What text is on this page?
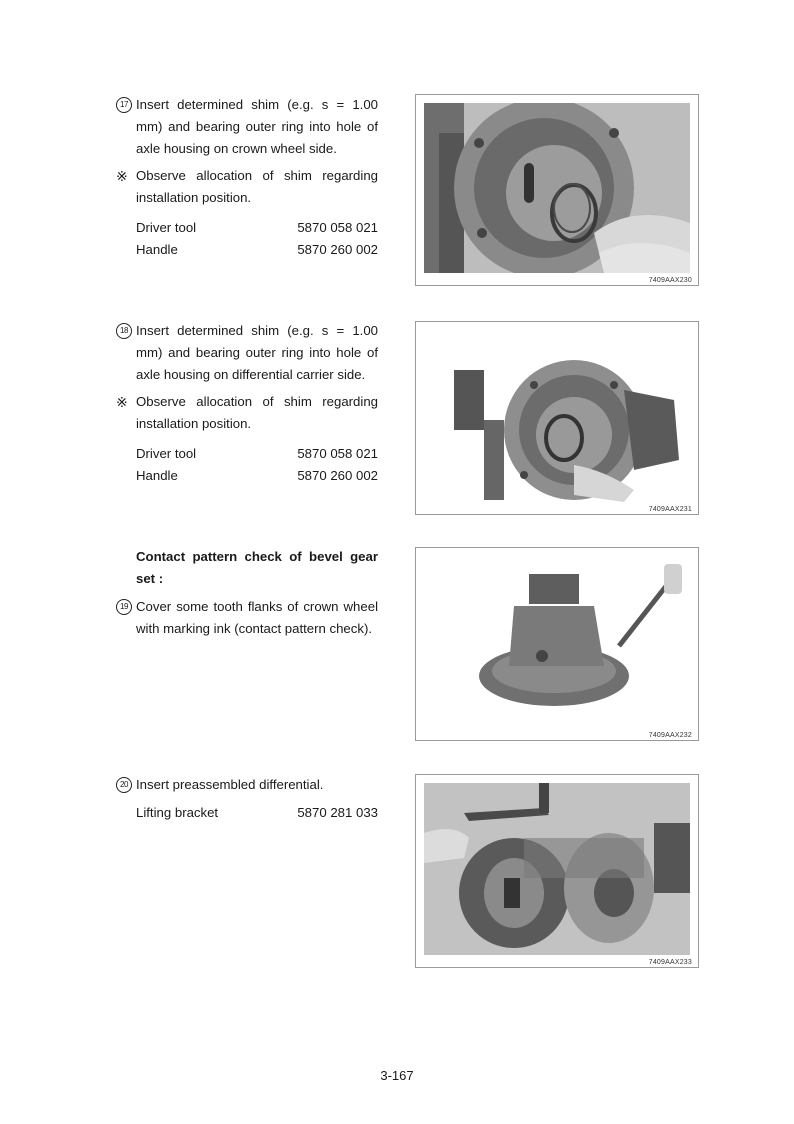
17 Insert determined shim (e.g. s = 1.00 mm) and bearing outer ring into hole of axle housing on crown wheel side.
※ Observe allocation of shim regarding installation position.
Driver tool	5870 058 021
Handle	5870 260 002
18 Insert determined shim (e.g. s = 1.00 mm) and bearing outer ring into hole of axle housing on differential carrier side.
※ Observe allocation of shim regarding installation position.
Driver tool	5870 058 021
Handle	5870 260 002
Contact pattern check of bevel gear set :
19 Cover some tooth flanks of crown wheel with marking ink (contact pattern check).
20 Insert preassembled differential.
Lifting bracket	5870 281 033
7409AAX230
7409AAX231
7409AAX232
7409AAX233
3-167
